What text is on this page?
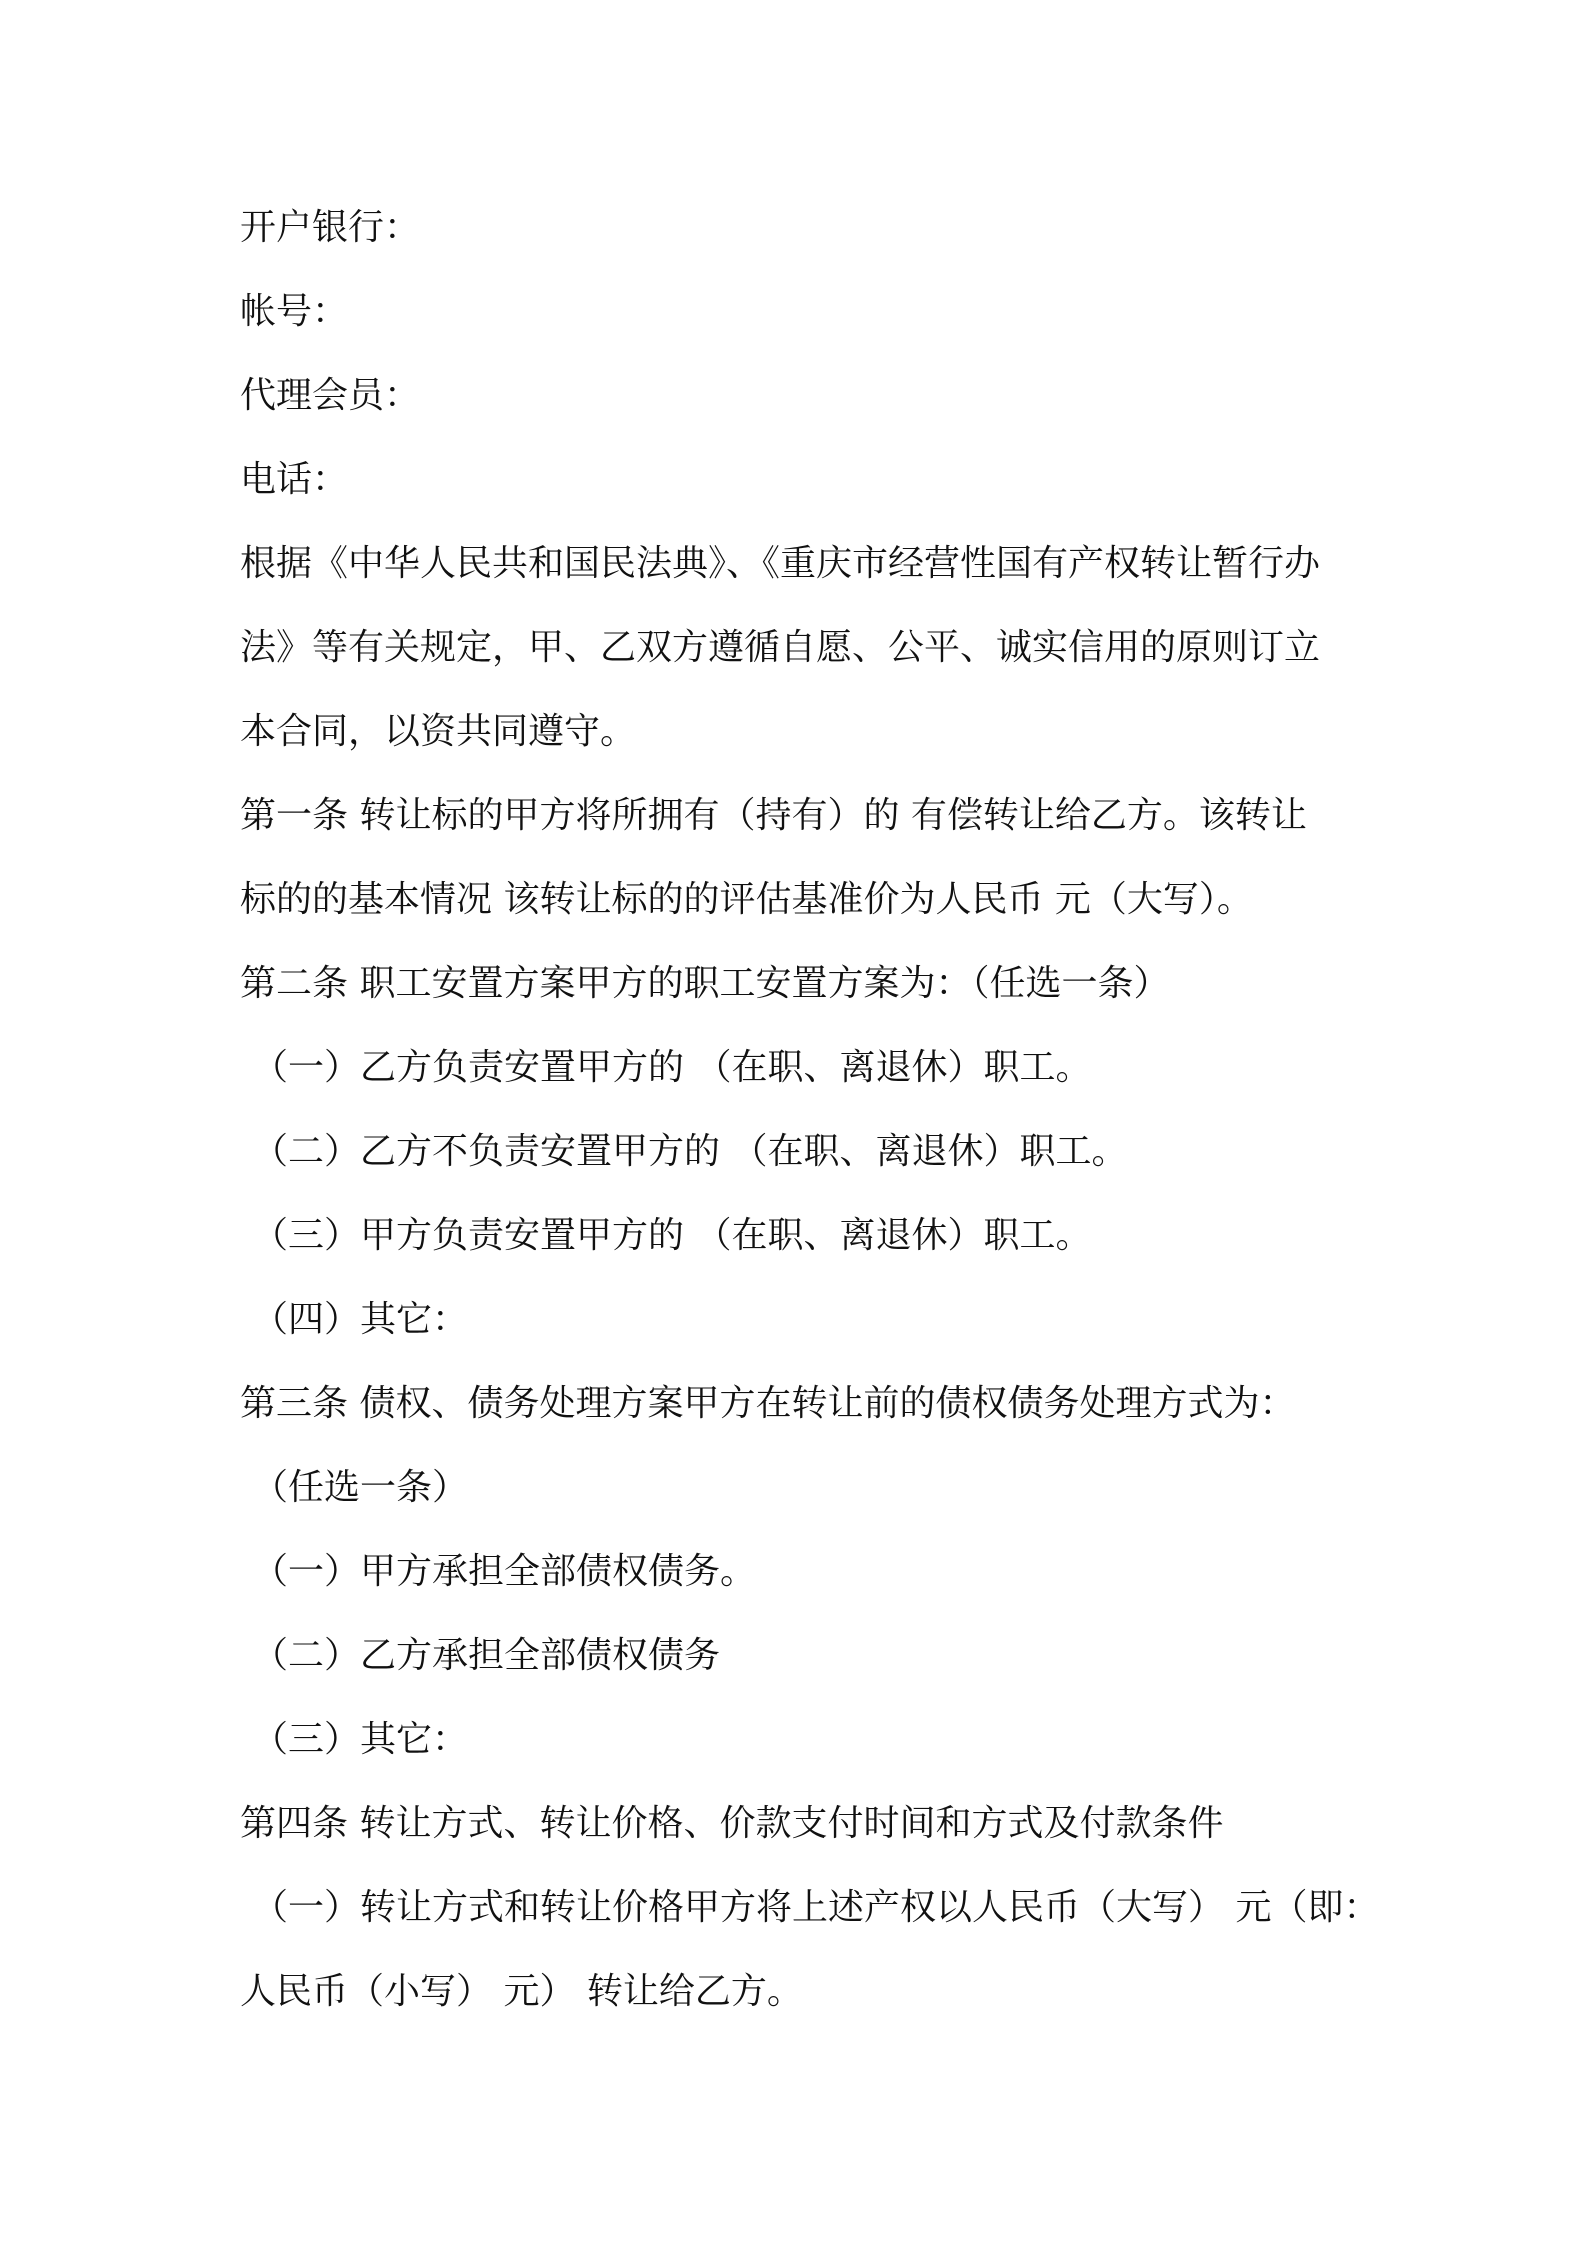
开户银行：
帐号：
代理会员：
电话：
根据《中华人民共和国民法典》、《重庆市经营性国有产权转让暂行办
法》等有关规定，甲、乙双方遵循自愿、公平、诚实信用的原则订立
本合同，以资共同遵守。
第一条 转让标的甲方将所拥有（持有）的 有偿转让给乙方。该转让
标的的基本情况 该转让标的的评估基准价为人民币 元（大写）。
第二条 职工安置方案甲方的职工安置方案为：（任选一条）
（一）乙方负责安置甲方的 （在职、离退休）职工。
（二）乙方不负责安置甲方的 （在职、离退休）职工。
（三）甲方负责安置甲方的 （在职、离退休）职工。
（四）其它：
第三条 债权、债务处理方案甲方在转让前的债权债务处理方式为：
（任选一条）
（一）甲方承担全部债权债务。
（二）乙方承担全部债权债务
（三）其它：
第四条 转让方式、转让价格、价款支付时间和方式及付款条件
（一）转让方式和转让价格甲方将上述产权以人民币（大写） 元（即：
人民币（小写） 元） 转让给乙方。
